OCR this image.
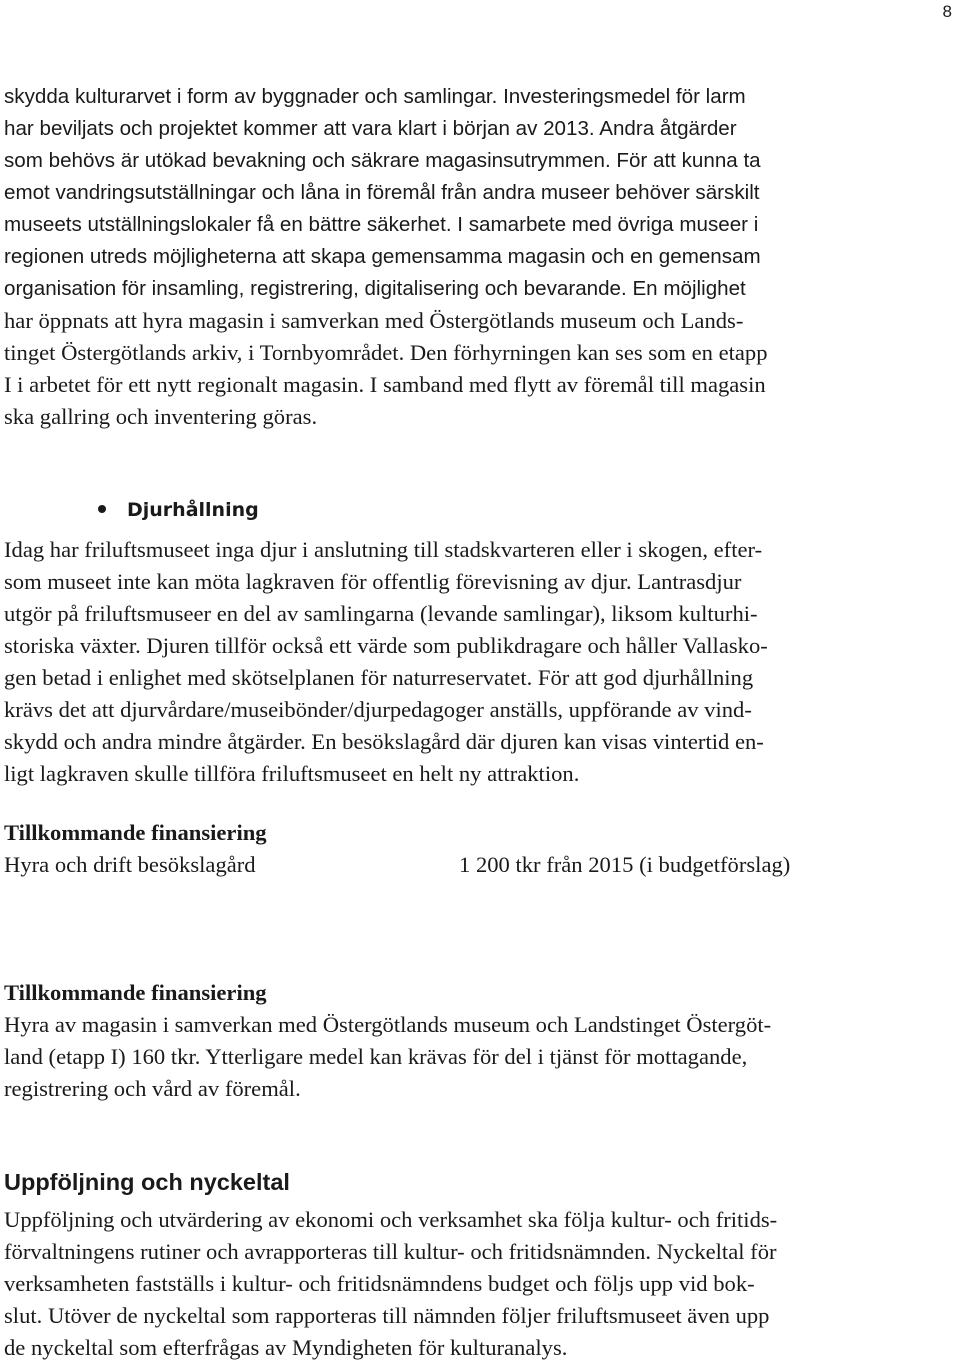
8
skydda kulturarvet i form av byggnader och samlingar. Investeringsmedel för larm
har beviljats och projektet kommer att vara klart i början av 2013. Andra åtgärder
som behövs är utökad bevakning och säkrare magasinsutrymmen. För att kunna ta
emot vandringsutställningar och låna in föremål från andra museer behöver särskilt
museets utställningslokaler få en bättre säkerhet. I samarbete med övriga museer i
regionen utreds möjligheterna att skapa gemensamma magasin och en gemensam
organisation för insamling, registrering, digitalisering och bevarande. En möjlighet
har öppnats att hyra magasin i samverkan med Östergötlands museum och Lands-
tinget Östergötlands arkiv, i Tornbyområdet. Den förhyrningen kan ses som en etapp
I i arbetet för ett nytt regionalt magasin. I samband med flytt av föremål till magasin
ska gallring och inventering göras.
Djurhållning
Idag har friluftsmuseet inga djur i anslutning till stadskvarteren eller i skogen, efter-
som museet inte kan möta lagkraven för offentlig förevisning av djur. Lantrasdjur
utgör på friluftsmuseer en del av samlingarna (levande samlingar), liksom kulturhi-
storiska växter. Djuren tillför också ett värde som publikdragare och håller Vallasko-
gen betad i enlighet med skötselplanen för naturreservatet. För att god djurhållning
krävs det att djurvårdare/museibönder/djurpedagoger anställs, uppförande av vind-
skydd och andra mindre åtgärder. En besökslagård där djuren kan visas vintertid en-
ligt lagkraven skulle tillföra friluftsmuseet en helt ny attraktion.
Tillkommande finansiering
Hyra och drift besökslagård	1 200 tkr från 2015 (i budgetförslag)
Tillkommande finansiering
Hyra av magasin i samverkan med Östergötlands museum och Landstinget Östergöt-
land (etapp I) 160 tkr. Ytterligare medel kan krävas för del i tjänst för mottagande,
registrering och vård av föremål.
Uppföljning och nyckeltal
Uppföljning och utvärdering av ekonomi och verksamhet ska följa kultur- och fritids-
förvaltningens rutiner och avrapporteras till kultur- och fritidsnämnden. Nyckeltal för
verksamheten fastställs i kultur- och fritidsnämndens budget och följs upp vid bok-
slut. Utöver de nyckeltal som rapporteras till nämnden följer friluftsmuseet även upp
de nyckeltal som efterfrågas av Myndigheten för kulturanalys.
